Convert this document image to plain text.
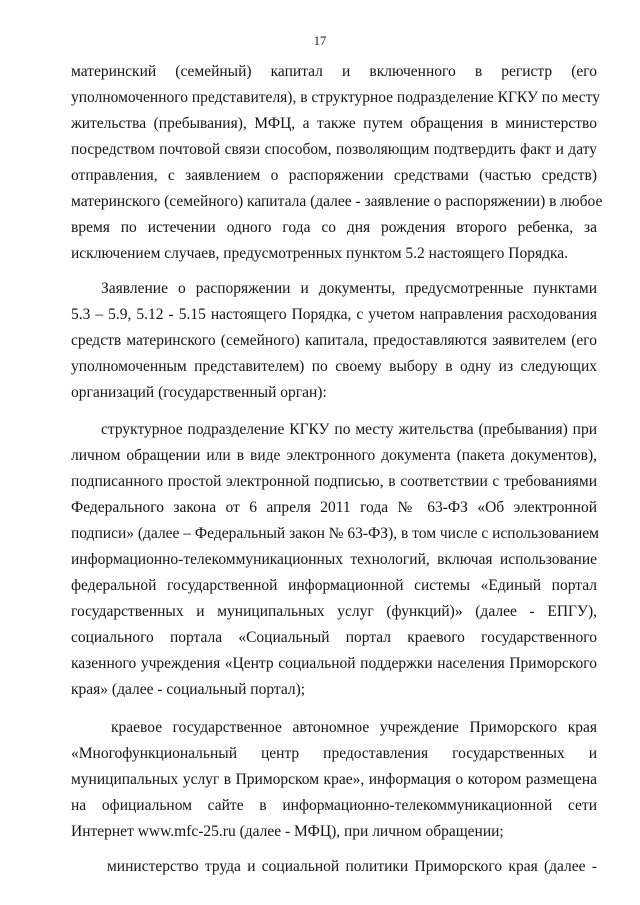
17
материнский (семейный) капитал и включенного в регистр (его
уполномоченного представителя), в структурное подразделение КГКУ по месту
жительства (пребывания), МФЦ, а также путем обращения в министерство
посредством почтовой связи способом, позволяющим подтвердить факт и дату
отправления, с заявлением о распоряжении средствами (частью средств)
материнского (семейного) капитала (далее - заявление о распоряжении) в любое
время по истечении одного года со дня рождения второго ребенка, за
исключением случаев, предусмотренных пунктом 5.2 настоящего Порядка.
Заявление о распоряжении и документы, предусмотренные пунктами
5.3 – 5.9, 5.12 - 5.15 настоящего Порядка, с учетом направления расходования
средств материнского (семейного) капитала, предоставляются заявителем (его
уполномоченным представителем) по своему выбору в одну из следующих
организаций (государственный орган):
структурное подразделение КГКУ по месту жительства (пребывания) при
личном обращении или в виде электронного документа (пакета документов),
подписанного простой электронной подписью, в соответствии с требованиями
Федерального закона от 6 апреля 2011 года № 63-ФЗ «Об электронной
подписи» (далее – Федеральный закон № 63-ФЗ), в том числе с использованием
информационно-телекоммуникационных технологий, включая использование
федеральной государственной информационной системы «Единый портал
государственных и муниципальных услуг (функций)» (далее - ЕПГУ),
социального портала «Социальный портал краевого государственного
казенного учреждения «Центр социальной поддержки населения Приморского
края» (далее - социальный портал);
краевое государственное автономное учреждение Приморского края
«Многофункциональный центр предоставления государственных и
муниципальных услуг в Приморском крае», информация о котором размещена
на официальном сайте в информационно-телекоммуникационной сети
Интернет www.mfc-25.ru (далее - МФЦ), при личном обращении;
министерство труда и социальной политики Приморского края (далее -
